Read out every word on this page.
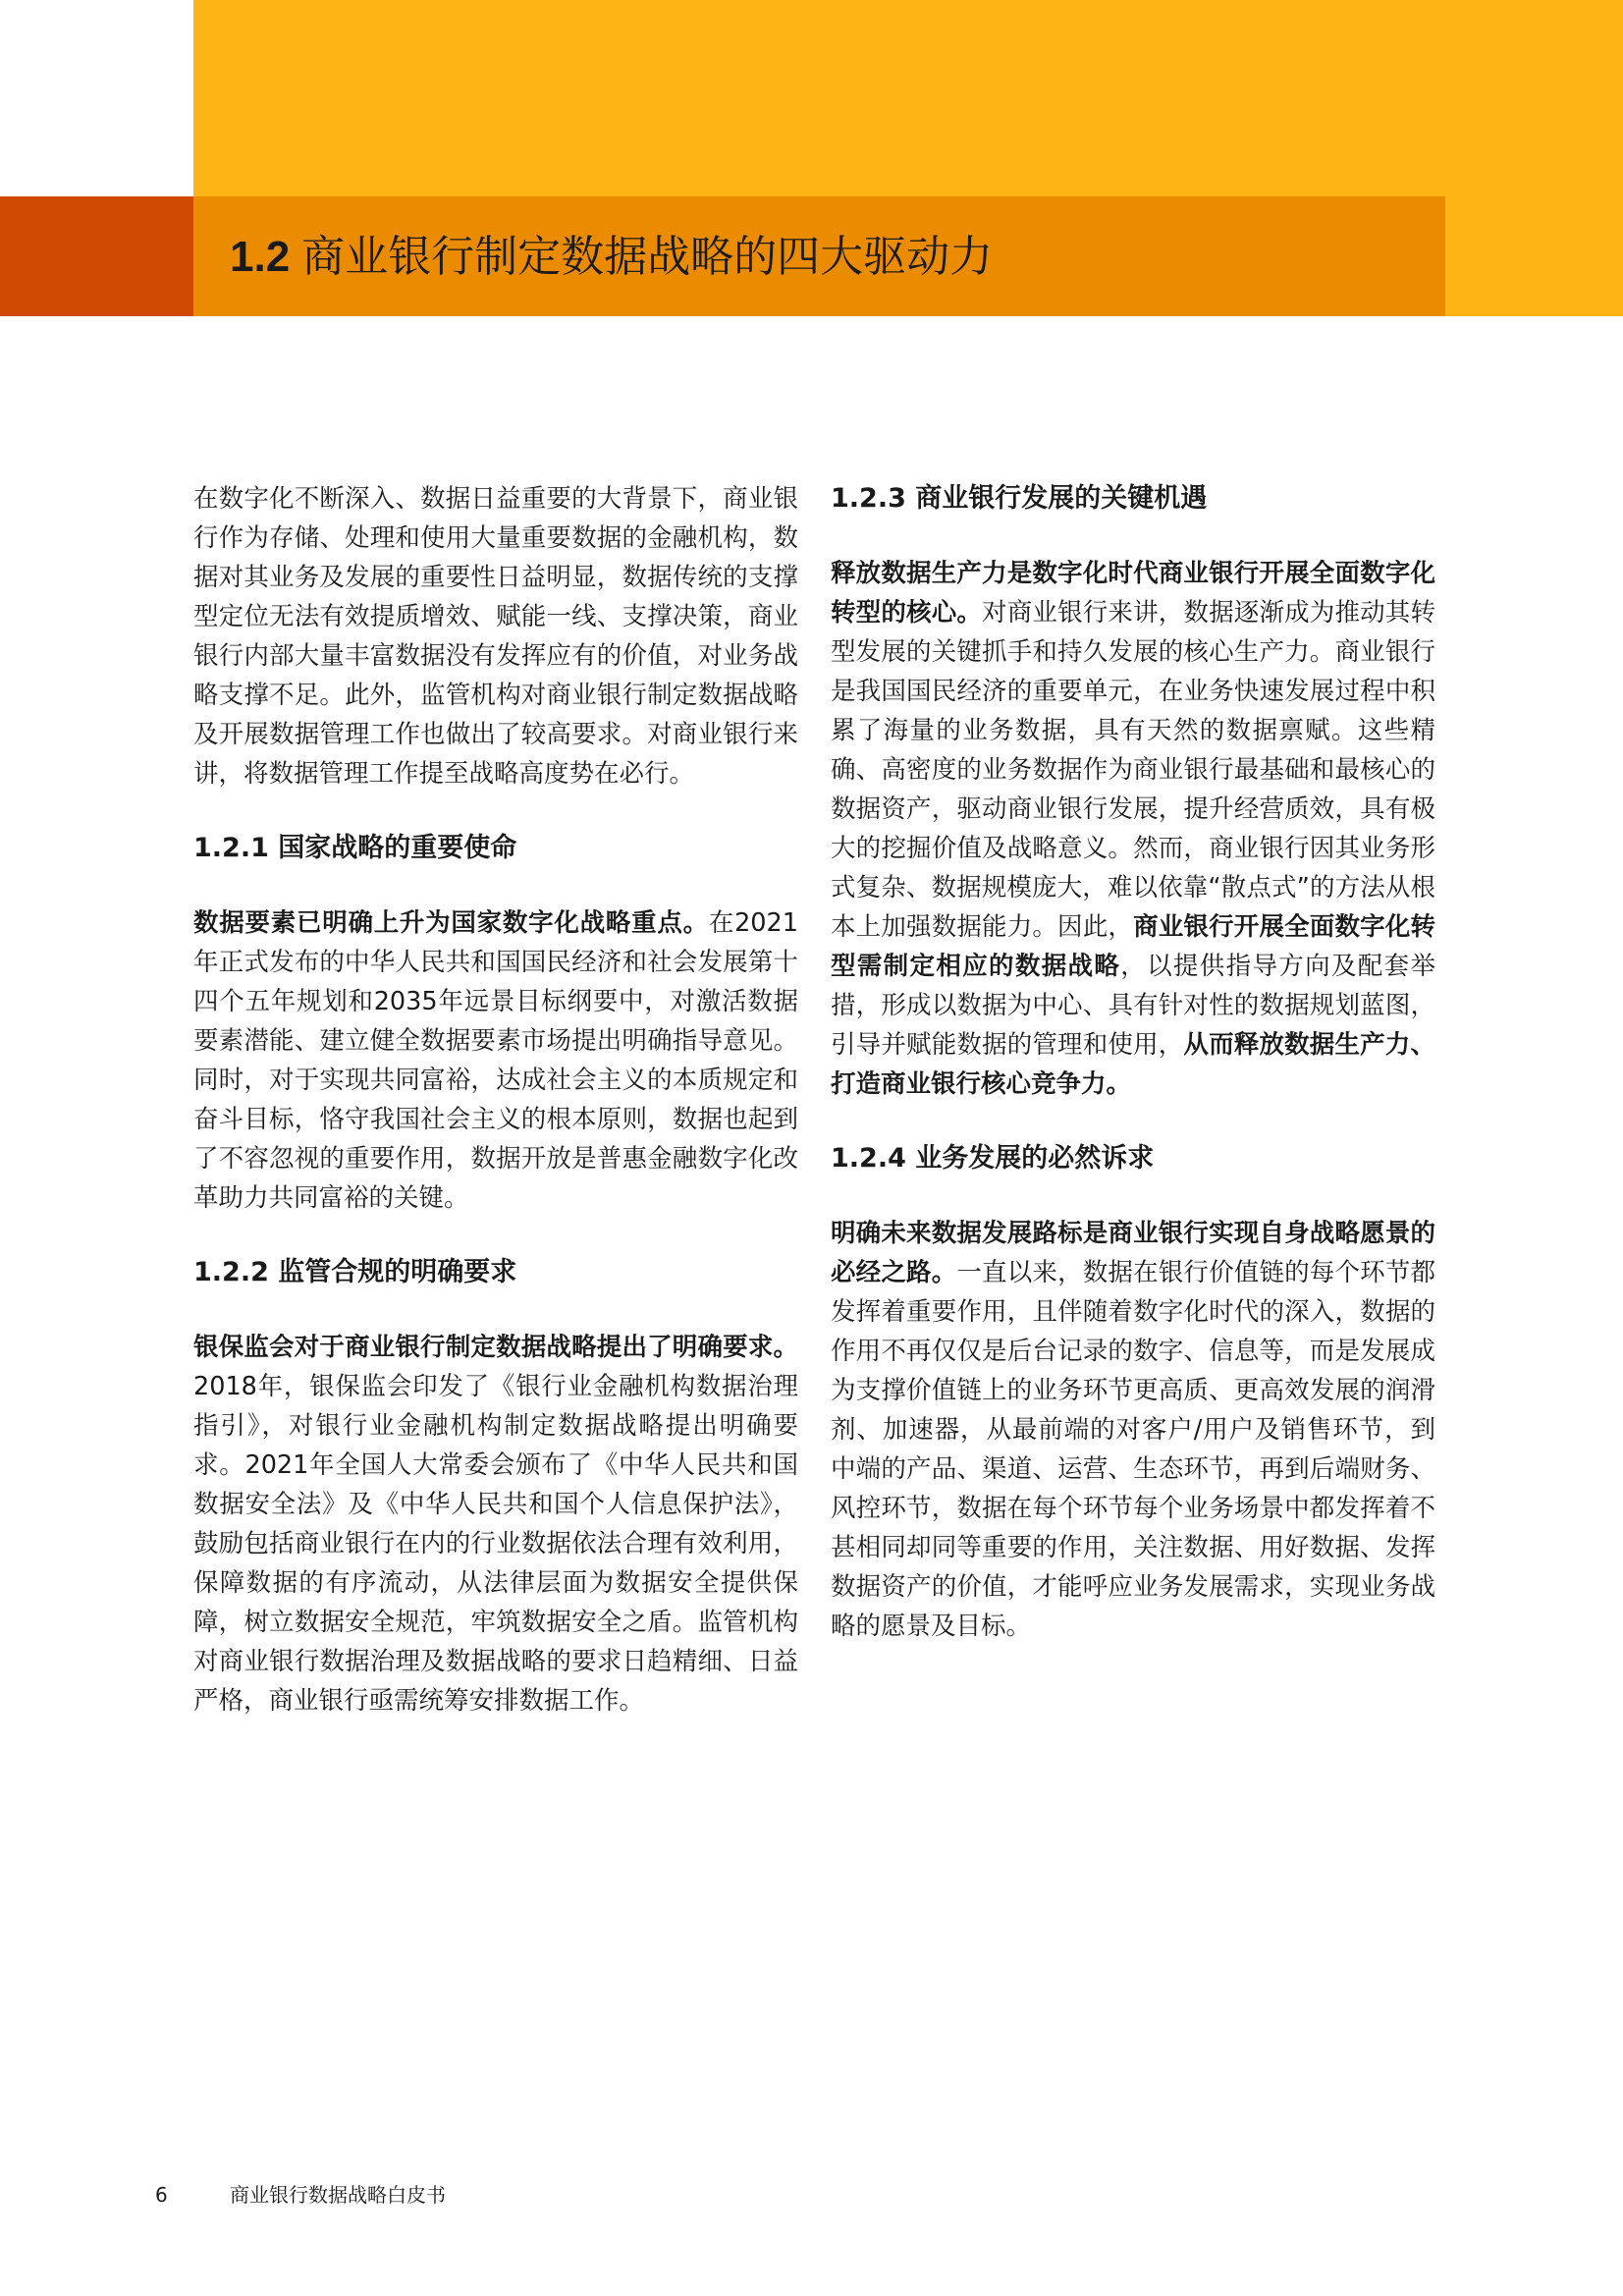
1.2 商业银行制定数据战略的四大驱动力

在数字化不断深入、数据日益重要的大背景下，商业银行作为存储、处理和使用大量重要数据的金融机构，数据对其业务及发展的重要性日益明显，数据传统的支撑型定位无法有效提质增效、赋能一线、支撑决策，商业银行内部大量丰富数据没有发挥应有的价值，对业务战略支撑不足。此外，监管机构对商业银行制定数据战略及开展数据管理工作也做出了较高要求。对商业银行来讲，将数据管理工作提至战略高度势在必行。

1.2.1 国家战略的重要使命

数据要素已明确上升为国家数字化战略重点。在2021年正式发布的中华人民共和国国民经济和社会发展第十四个五年规划和2035年远景目标纲要中，对激活数据要素潜能、建立健全数据要素市场提出明确指导意见。同时，对于实现共同富裕，达成社会主义的本质规定和奋斗目标，恪守我国社会主义的根本原则，数据也起到了不容忽视的重要作用，数据开放是普惠金融数字化改革助力共同富裕的关键。

1.2.2 监管合规的明确要求

银保监会对于商业银行制定数据战略提出了明确要求。2018年，银保监会印发了《银行业金融机构数据治理指引》，对银行业金融机构制定数据战略提出明确要求。2021年全国人大常委会颁布了《中华人民共和国数据安全法》及《中华人民共和国个人信息保护法》，鼓励包括商业银行在内的行业数据依法合理有效利用，保障数据的有序流动，从法律层面为数据安全提供保障，树立数据安全规范，牢筑数据安全之盾。监管机构对商业银行数据治理及数据战略的要求日趋精细、日益严格，商业银行亟需统筹安排数据工作。

1.2.3 商业银行发展的关键机遇

释放数据生产力是数字化时代商业银行开展全面数字化转型的核心。对商业银行来讲，数据逐渐成为推动其转型发展的关键抓手和持久发展的核心生产力。商业银行是我国国民经济的重要单元，在业务快速发展过程中积累了海量的业务数据，具有天然的数据禀赋。这些精确、高密度的业务数据作为商业银行最基础和最核心的数据资产，驱动商业银行发展，提升经营质效，具有极大的挖掘价值及战略意义。然而，商业银行因其业务形式复杂、数据规模庞大，难以依靠“散点式”的方法从根本上加强数据能力。因此，商业银行开展全面数字化转型需制定相应的数据战略，以提供指导方向及配套举措，形成以数据为中心、具有针对性的数据规划蓝图，引导并赋能数据的管理和使用，从而释放数据生产力、打造商业银行核心竞争力。

1.2.4 业务发展的必然诉求

明确未来数据发展路标是商业银行实现自身战略愿景的必经之路。一直以来，数据在银行价值链的每个环节都发挥着重要作用，且伴随着数字化时代的深入，数据的作用不再仅仅是后台记录的数字、信息等，而是发展成为支撑价值链上的业务环节更高质、更高效发展的润滑剂、加速器，从最前端的对客户/用户及销售环节，到中端的产品、渠道、运营、生态环节，再到后端财务、风控环节，数据在每个环节每个业务场景中都发挥着不甚相同却同等重要的作用，关注数据、用好数据、发挥数据资产的价值，才能呼应业务发展需求，实现业务战略的愿景及目标。

6	商业银行数据战略白皮书
